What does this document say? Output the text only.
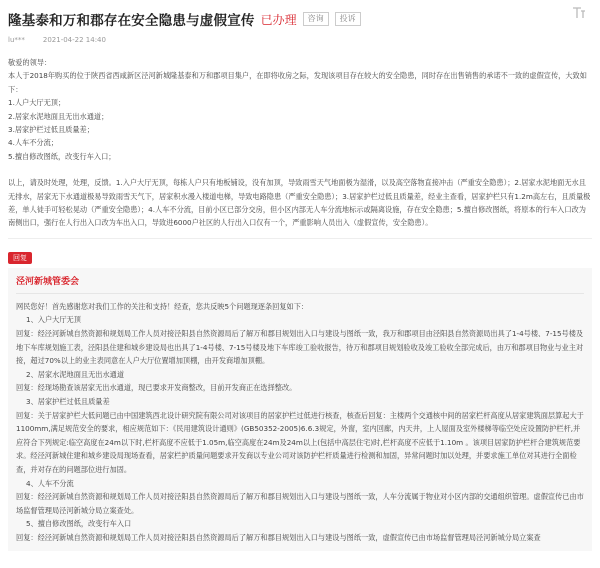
隆基泰和万和郡存在安全隐患与虚假宣传 已办理	咨询	投诉
lu***	2021-04-22 14:40

敬爱的领导：

本人于2018年购买的位于陕西省西咸新区泾河新城隆基泰和万和郡项目集户，在即将收房之际，发现该项目存在较大的安全隐患，同时存在出售销售的承诺不一致的虚假宣传，大致如下：

1.人户大厅无顶；

2.居家水泥地面且无出水通道；

3.居家护栏过低且质量差；

4.人车不分流；

5.擅自修改图纸，改变行车入口；

以上，请及时处理，处理，反馈。1.入户大厅无顶，每栋人户只有地板铺设，没有加顶，导致雨雪天气地面极为湿滑，以及高空落物直接冲击（严重安全隐患）；2.居家水泥地面无水且无排水，居家无下水通道极易导致雨雪天气下，居家积水漫入楼道电梯，导致电路隐患（严重安全隐患）；3.居家护栏过低且质量差，经业主查看，居家护栏只有1.2m高左右，且质量极差，单人徒手可轻松晃动（严重安全隐患）；4.人车不分流，目前小区已部分交房，但小区内部无人车分流地标示或隔离设施，存在安全隐患；5.擅自修改图纸，将原本的行车入口改为南侧出口，强行在人行出入口改为车出入口，导致进6000户社区的人行出入口仅有一个，严重影响人员出入（虚假宣传，安全隐患）。

回复
泾河新城管委会

网民您好！首先感谢您对我们工作的关注和支持！经查，您共反映5个问题现逐条回复如下：

1、入户大厅无顶

回复：经泾河新城自然资源和规划局工作人员对接泾阳县自然资源局后了解万和郡目规划出入口与建设与图纸一致，我万和郡项目由泾阳县自然资源局出具了1-4号楼、7-15号楼及地下车库规划施工表，泾阳县住建和城乡建设局也出具了1-4号楼、7-15号楼及地下车库竣工验收报告，待万和郡项目规划验收及竣工验收全部完成后，由万和郡项目物业与业主对接，超过70%以上的业主表同意在人户大厅位置增加顶棚，由开发商增加顶棚。

2、居家水泥地面且无出水通道

回复：经现场勘查该居家无出水通道，现已要求开发商整改，目前开发商正在选择整改。

3、居家护栏过低且质量差

回复：关于居家护栏大低问题已由中国建筑西北设计研究院有限公司对该项目的居家护栏过低进行核查，核查后回复：主楼两个交通核中间的居家栏杆高度从居家建筑面层算起大于1100mm,满足规范安全的要求，相应规范如下：《民用建筑设计通则》(GB50352-2005)6.6.3规定，外窗，室内回廊，内天井，上人屋面及室外楼梯等临空处应设置防护栏杆,并应符合下列规定:临空高度在24m以下时,栏杆高度不应低于1.05m,临空高度在24m及24m以上(包括中高层住宅)时,栏杆高度不应低于1.10m 。该项目居家防护栏杆合建筑规范要求。经泾河新城住建和城乡建设局现场查看，居家栏护质量问题要求开发商以专业公司对该防护栏杆质量进行检测和加固，异常问题时加以处理，并要求施工单位对其进行全面检查，并对存在的问题部位进行加固。

4、人车不分流

回复：经泾河新城自然资源和规划局工作人员对接泾阳县自然资源局后了解万和郡目规划出入口与建设与图纸一致，人车分流属于物业对小区内部的交通组织管理。虚假宣传已由市场监督管理局泾河新城分局立案查处。

5、擅自修改图纸，改变行车入口

回复：经泾河新城自然资源和规划局工作人员对接泾阳县自然资源局后了解万和郡目规划出入口与建设与图纸一致，虚假宣传已由市场监督管理局泾河新城分局立案查
